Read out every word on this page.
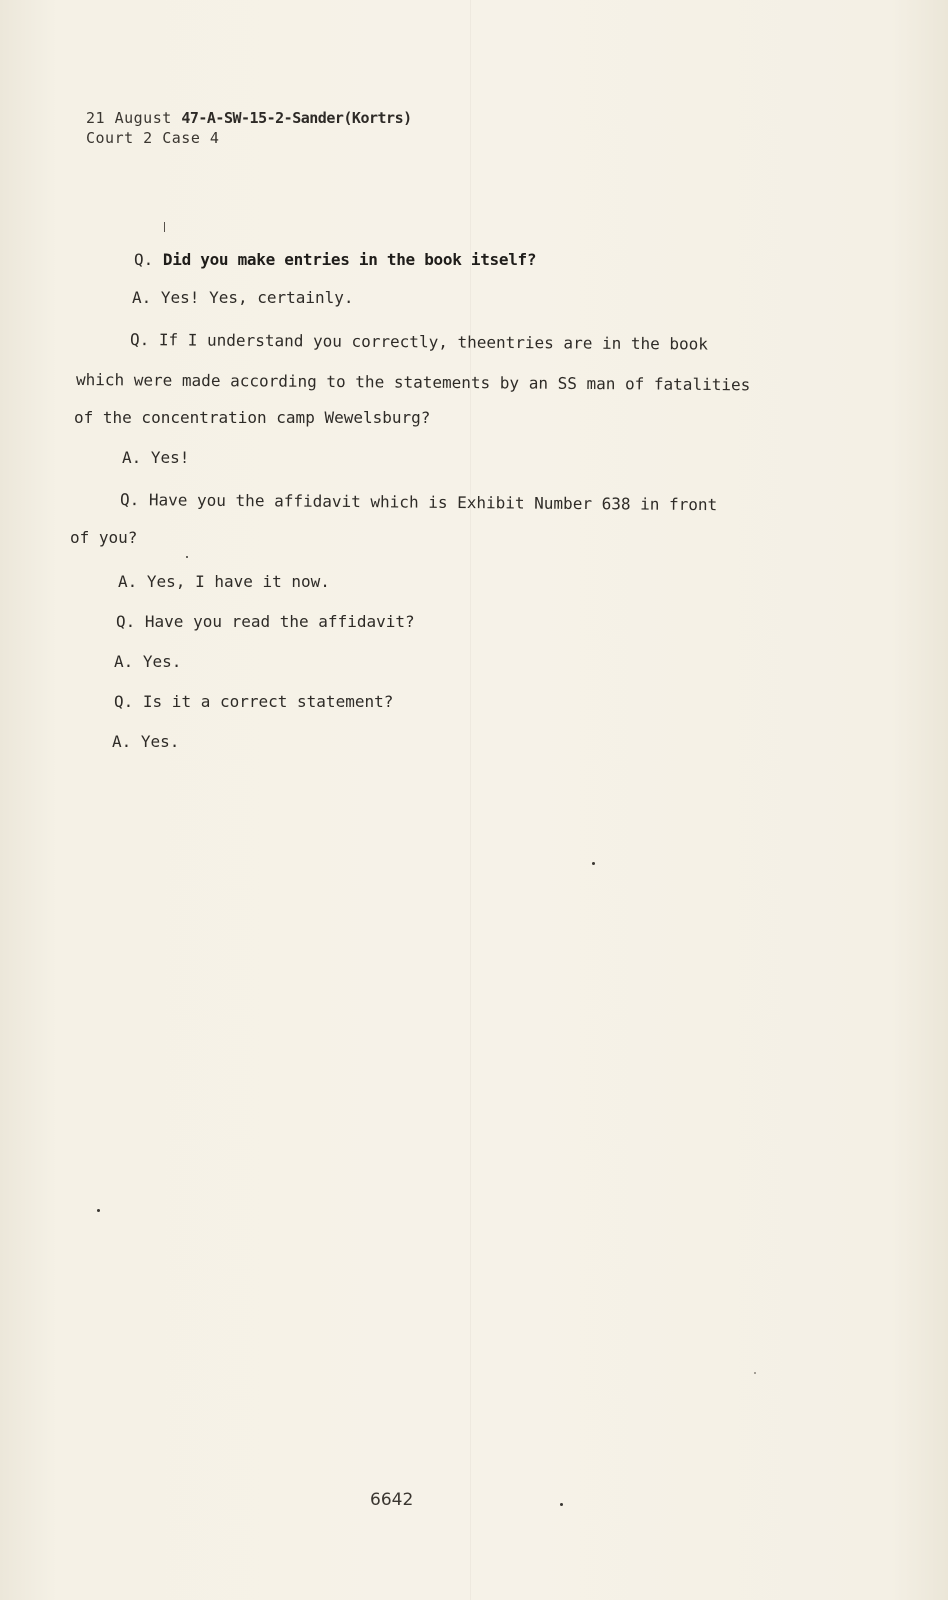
21 August 47-A-SW-15-2-Sander(Kortrs)
Court 2 Case 4
Q. Did you make entries in the book itself?
A. Yes! Yes, certainly.
Q. If I understand you correctly, theentries are in the book
which were made according to the statements by an SS man of fatalities
of the concentration camp Wewelsburg?
A. Yes!
Q. Have you the affidavit which is Exhibit Number 638 in front
of you?
A. Yes, I have it now.
Q. Have you read the affidavit?
A. Yes.
Q. Is it a correct statement?
A. Yes.
6642
